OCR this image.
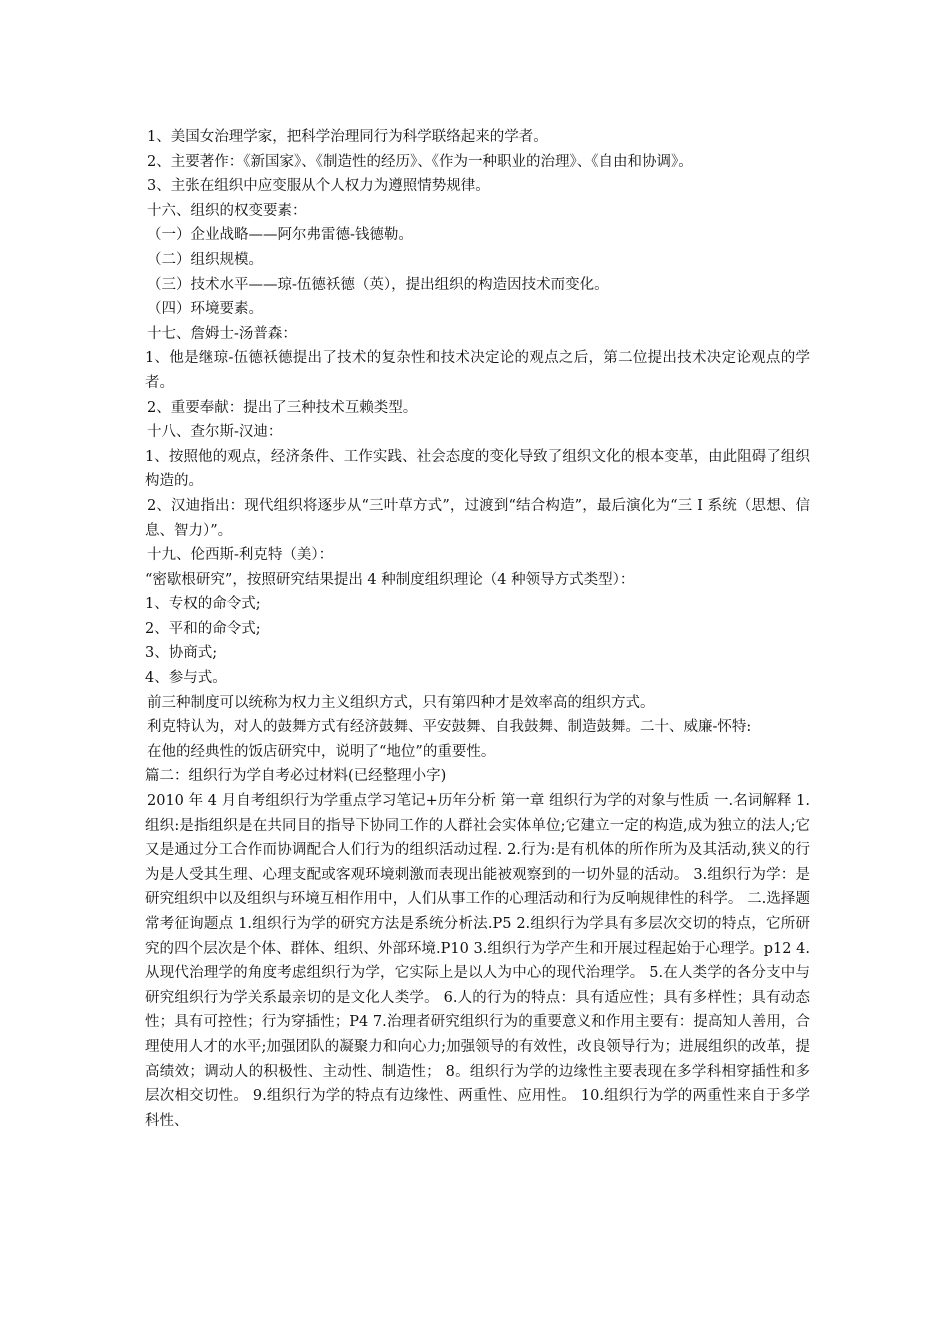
1、美国女治理学家，把科学治理同行为科学联络起来的学者。

2、主要著作：《新国家》、《制造性的经历》、《作为一种职业的治理》、《自由和协调》。

3、主张在组织中应变服从个人权力为遵照情势规律。

十六、组织的权变要素：

（一）企业战略——阿尔弗雷德-钱德勒。

（二）组织规模。

（三）技术水平——琼-伍德袄德（英），提出组织的构造因技术而变化。

（四）环境要素。

十七、詹姆士-汤普森：

1、他是继琼-伍德袄德提出了技术的复杂性和技术决定论的观点之后，第二位提出技术决定论观点的学者。

2、重要奉献：提出了三种技术互赖类型。

十八、查尔斯-汉迪：

1、按照他的观点，经济条件、工作实践、社会态度的变化导致了组织文化的根本变革，由此阻碍了组织构造的。

2、汉迪指出：现代组织将逐步从“三叶草方式”，过渡到“结合构造”，最后演化为“三 I 系统（思想、信息、智力）”。

十九、伦西斯-利克特（美）：

“密歇根研究”，按照研究结果提出 4 种制度组织理论（4 种领导方式类型）：

1、专权的命令式;

2、平和的命令式;

3、协商式;

4、参与式。

前三种制度可以统称为权力主义组织方式，只有第四种才是效率高的组织方式。

利克特认为，对人的鼓舞方式有经济鼓舞、平安鼓舞、自我鼓舞、制造鼓舞。二十、威廉-怀特:

在他的经典性的饭店研究中，说明了“地位”的重要性。

篇二：组织行为学自考必过材料(已经整理小字)

2010 年 4 月自考组织行为学重点学习笔记+历年分析 第一章 组织行为学的对象与性质 一.名词解释 1.组织:是指组织是在共同目的指导下协同工作的人群社会实体单位;它建立一定的构造,成为独立的法人;它又是通过分工合作而协调配合人们行为的组织活动过程. 2.行为:是有机体的所作所为及其活动,狭义的行为是人受其生理、心理支配或客观环境刺激而表现出能被观察到的一切外显的活动。 3.组织行为学：是研究组织中以及组织与环境互相作用中，人们从事工作的心理活动和行为反响规律性的科学。 二.选择题常考征询题点 1.组织行为学的研究方法是系统分析法.P5 2.组织行为学具有多层次交切的特点，它所研究的四个层次是个体、群体、组织、外部环境.P10 3.组织行为学产生和开展过程起始于心理学。p12 4.从现代治理学的角度考虑组织行为学，它实际上是以人为中心的现代治理学。 5.在人类学的各分支中与研究组织行为学关系最亲切的是文化人类学。 6.人的行为的特点：具有适应性；具有多样性；具有动态性；具有可控性；行为穿插性；P4 7.治理者研究组织行为的重要意义和作用主要有：提高知人善用，合理使用人才的水平;加强团队的凝聚力和向心力;加强领导的有效性，改良领导行为；进展组织的改革，提高绩效；调动人的积极性、主动性、制造性； 8。组织行为学的边缘性主要表现在多学科相穿插性和多层次相交切性。 9.组织行为学的特点有边缘性、两重性、应用性。 10.组织行为学的两重性来自于多学科性、
